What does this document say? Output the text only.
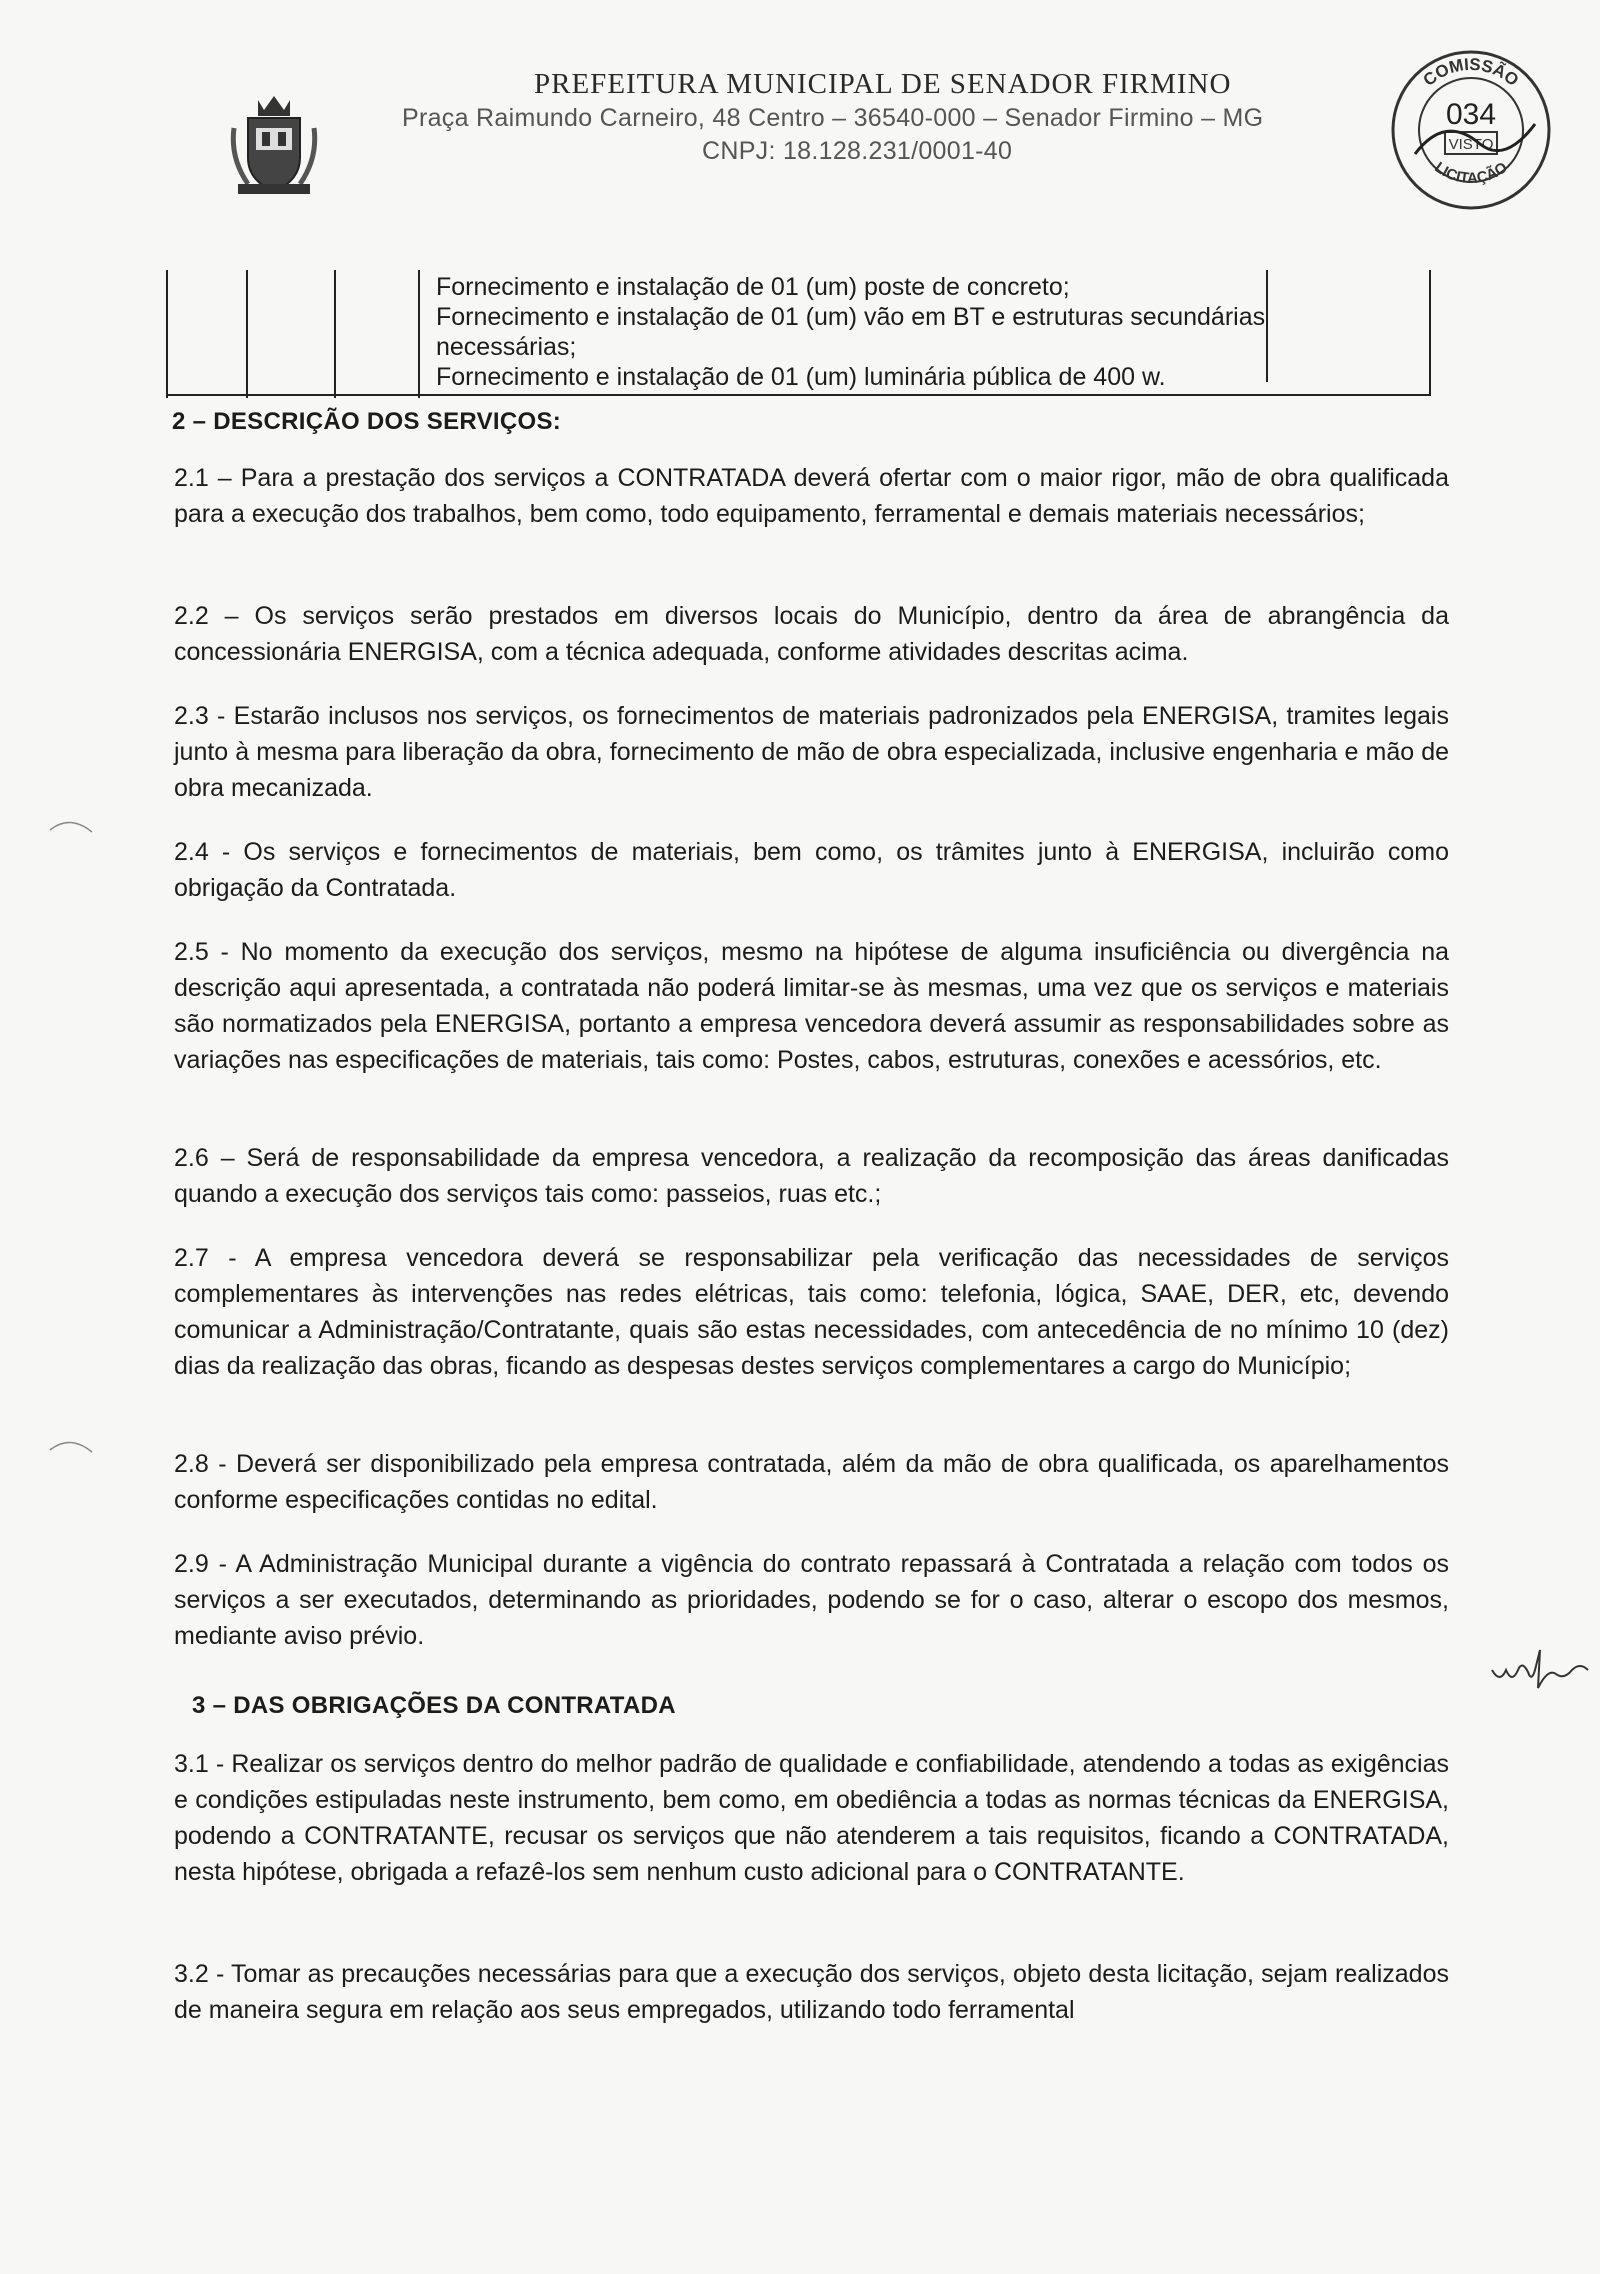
PREFEITURA MUNICIPAL DE SENADOR FIRMINO
Praça Raimundo Carneiro, 48 Centro – 36540-000 – Senador Firmino – MG
CNPJ: 18.128.231/0001-40
COMISSÃO
034
VISTO
LICITAÇÃO

Fornecimento e instalação de 01 (um) poste de concreto;

Fornecimento e instalação de 01 (um) vão em BT e estruturas secundárias necessárias;

Fornecimento e instalação de 01 (um) luminária pública de 400 w.

2 – DESCRIÇÃO DOS SERVIÇOS:

2.1 – Para a prestação dos serviços a CONTRATADA deverá ofertar com o maior rigor, mão de obra qualificada para a execução dos trabalhos, bem como, todo equipamento, ferramental e demais materiais necessários;

2.2 – Os serviços serão prestados em diversos locais do Município, dentro da área de abrangência da concessionária ENERGISA, com a técnica adequada, conforme atividades descritas acima.

2.3 - Estarão inclusos nos serviços, os fornecimentos de materiais padronizados pela ENERGISA, tramites legais junto à mesma para liberação da obra, fornecimento de mão de obra especializada, inclusive engenharia e mão de obra mecanizada.

2.4 - Os serviços e fornecimentos de materiais, bem como, os trâmites junto à ENERGISA, incluirão como obrigação da Contratada.

2.5 - No momento da execução dos serviços, mesmo na hipótese de alguma insuficiência ou divergência na descrição aqui apresentada, a contratada não poderá limitar-se às mesmas, uma vez que os serviços e materiais são normatizados pela ENERGISA, portanto a empresa vencedora deverá assumir as responsabilidades sobre as variações nas especificações de materiais, tais como: Postes, cabos, estruturas, conexões e acessórios, etc.

2.6 – Será de responsabilidade da empresa vencedora, a realização da recomposição das áreas danificadas quando a execução dos serviços tais como: passeios, ruas etc.;

2.7 - A empresa vencedora deverá se responsabilizar pela verificação das necessidades de serviços complementares às intervenções nas redes elétricas, tais como: telefonia, lógica, SAAE, DER, etc, devendo comunicar a Administração/Contratante, quais são estas necessidades, com antecedência de no mínimo 10 (dez) dias da realização das obras, ficando as despesas destes serviços complementares a cargo do Município;

2.8 - Deverá ser disponibilizado pela empresa contratada, além da mão de obra qualificada, os aparelhamentos conforme especificações contidas no edital.

2.9 - A Administração Municipal durante a vigência do contrato repassará à Contratada a relação com todos os serviços a ser executados, determinando as prioridades, podendo se for o caso, alterar o escopo dos mesmos, mediante aviso prévio.

3 – DAS OBRIGAÇÕES DA CONTRATADA

3.1 - Realizar os serviços dentro do melhor padrão de qualidade e confiabilidade, atendendo a todas as exigências e condições estipuladas neste instrumento, bem como, em obediência a todas as normas técnicas da ENERGISA, podendo a CONTRATANTE, recusar os serviços que não atenderem a tais requisitos, ficando a CONTRATADA, nesta hipótese, obrigada a refazê-los sem nenhum custo adicional para o CONTRATANTE.

3.2 - Tomar as precauções necessárias para que a execução dos serviços, objeto desta licitação, sejam realizados de maneira segura em relação aos seus empregados, utilizando todo ferramental
